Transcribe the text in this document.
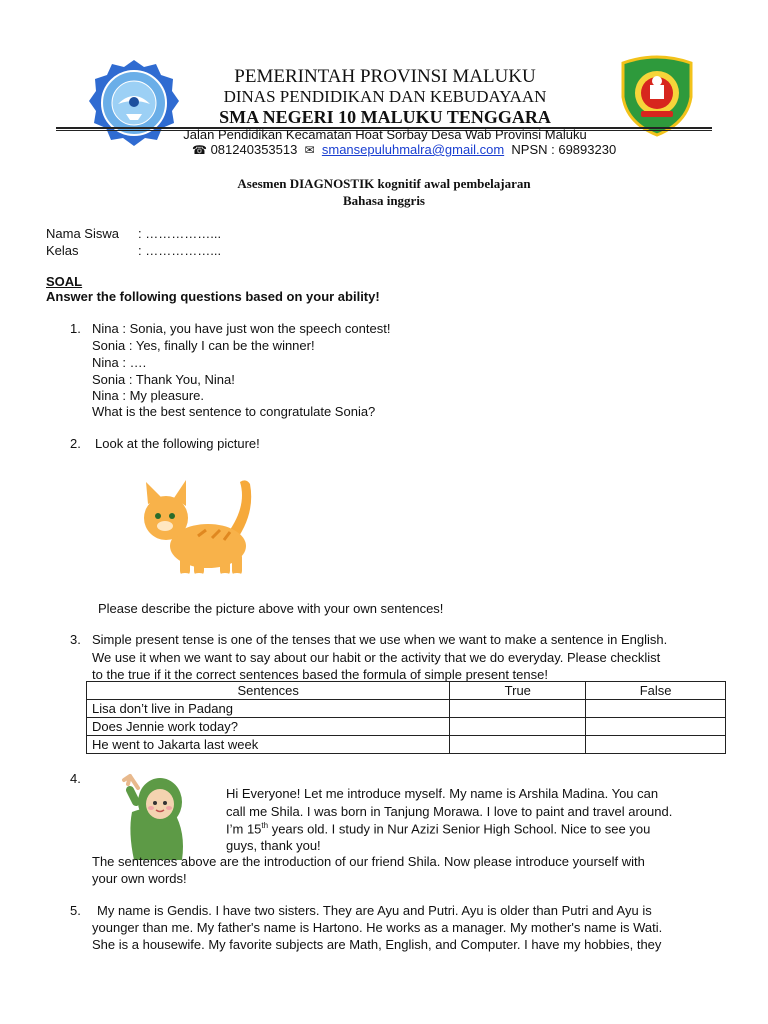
PEMERINTAH PROVINSI MALUKU
DINAS PENDIDIKAN DAN KEBUDAYAAN
SMA NEGERI 10 MALUKU TENGGARA
Jalan Pendidikan Kecamatan Hoat Sorbay Desa Wab Provinsi Maluku
☎ 081240353513 ✉ smansepuluhmalra@gmail.com NPSN : 69893230
Asesmen DIAGNOSTIK kognitif awal pembelajaran
Bahasa inggris
Nama Siswa : ……………...
Kelas	: ……………...
SOAL
Answer the following questions based on your ability!
1. Nina : Sonia, you have just won the speech contest!
Sonia : Yes, finally I can be the winner!
Nina : ….
Sonia : Thank You, Nina!
Nina : My pleasure.
What is the best sentence to congratulate Sonia?
2. Look at the following picture!
Please describe the picture above with your own sentences!
3. Simple present tense is one of the tenses that we use when we want to make a sentence in English.
We use it when we want to say about our habit or the activity that we do everyday. Please checklist
to the true if it the correct sentences based the formula of simple present tense!
Sentences	True	False
Lisa don’t live in Padang		
Does Jennie work today?		
He went to Jakarta last week		
4.
Hi Everyone! Let me introduce myself. My name is Arshila Madina. You can
call me Shila. I was born in Tanjung Morawa. I love to paint and travel around.
I’m 15th years old. I study in Nur Azizi Senior High School. Nice to see you
guys, thank you!
The sentences above are the introduction of our friend Shila. Now please introduce yourself with
your own words!
5. My name is Gendis. I have two sisters. They are Ayu and Putri. Ayu is older than Putri and Ayu is
younger than me. My father's name is Hartono. He works as a manager. My mother's name is Wati.
She is a housewife. My favorite subjects are Math, English, and Computer. I have my hobbies, they
